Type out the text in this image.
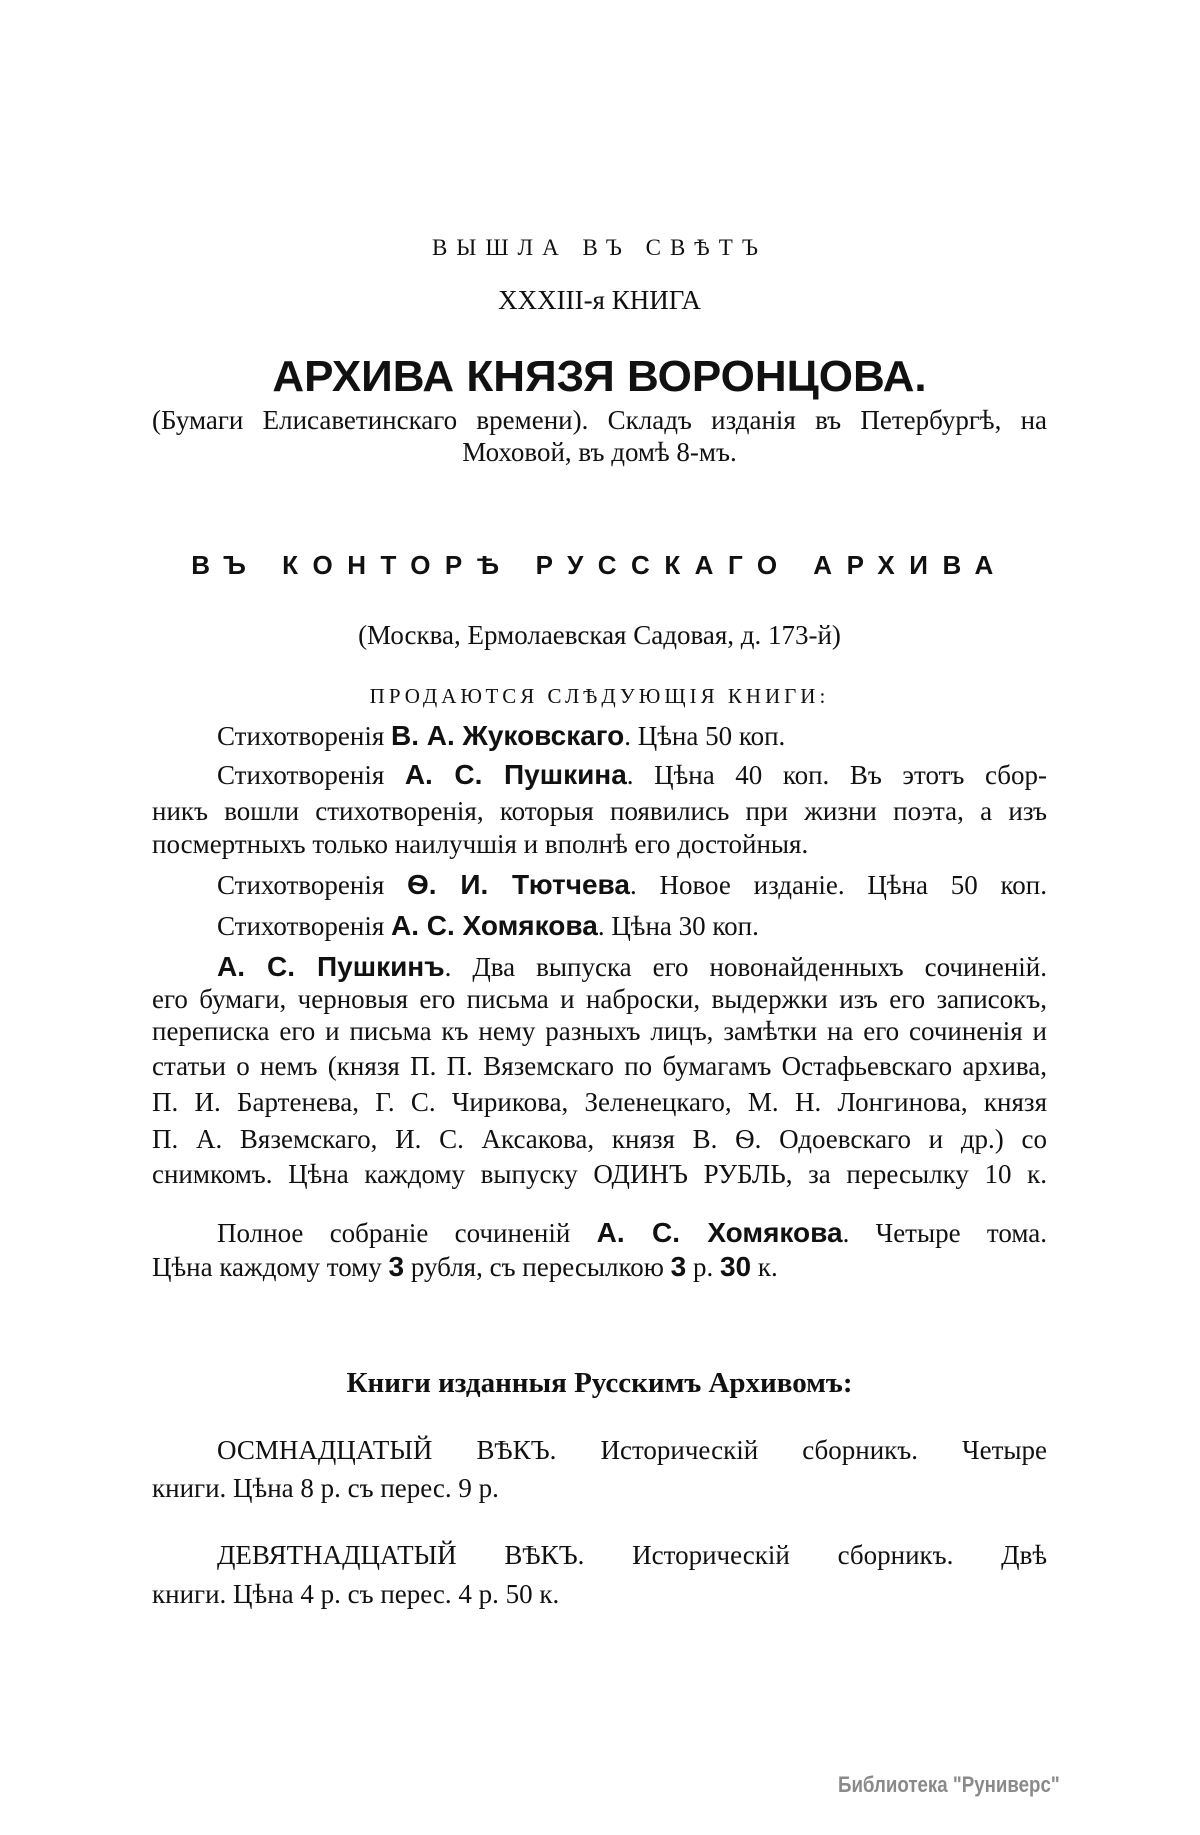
ВЫШЛА ВЪ СВѢТЪ
XXXIII-я КНИГА
АРХИВА КНЯЗЯ ВОРОНЦОВА.
(Бумаги Елисаветинскаго времени). Складъ изданія въ Петербургѣ, на
Моховой, въ домѣ 8-мъ.
ВЪ КОНТОРѢ РУССКАГО АРХИВА
(Москва, Ермолаевская Садовая, д. 173-й)
ПРОДАЮТСЯ СЛѢДУЮЩІЯ КНИГИ:
Стихотворенія В. А. Жуковскаго. Цѣна 50 коп.
Стихотворенія А. С. Пушкина. Цѣна 40 коп. Въ этотъ сбор-
никъ вошли стихотворенія, которыя появились при жизни поэта, а изъ
посмертныхъ только наилучшія и вполнѣ его достойныя.
Стихотворенія Ѳ. И. Тютчева. Новое изданіе. Цѣна 50 коп.
Стихотворенія А. С. Хомякова. Цѣна 30 коп.
А. С. Пушкинъ. Два выпуска его новонайденныхъ сочиненій.
его бумаги, черновыя его письма и наброски, выдержки изъ его записокъ,
переписка его и письма къ нему разныхъ лицъ, замѣтки на его сочиненія и
статьи о немъ (князя П. П. Вяземскаго по бумагамъ Остафьевскаго архива,
П. И. Бартенева, Г. С. Чирикова, Зеленецкаго, М. Н. Лонгинова, князя
П. А. Вяземскаго, И. С. Аксакова, князя В. Ѳ. Одоевскаго и др.) со
снимкомъ. Цѣна каждому выпуску ОДИНЪ РУБЛЬ, за пересылку 10 к.
Полное собраніе сочиненій А. С. Хомякова. Четыре тома.
Цѣна каждому тому 3 рубля, съ пересылкою 3 р. 30 к.
Книги изданныя Русскимъ Архивомъ:
ОСМНАДЦАТЫЙ ВѢКЪ. Историческій сборникъ. Четыре
книги. Цѣна 8 р. съ перес. 9 р.
ДЕВЯТНАДЦАТЫЙ ВѢКЪ. Историческій сборникъ. Двѣ
книги. Цѣна 4 р. съ перес. 4 р. 50 к.
Библиотека "Руниверс"
